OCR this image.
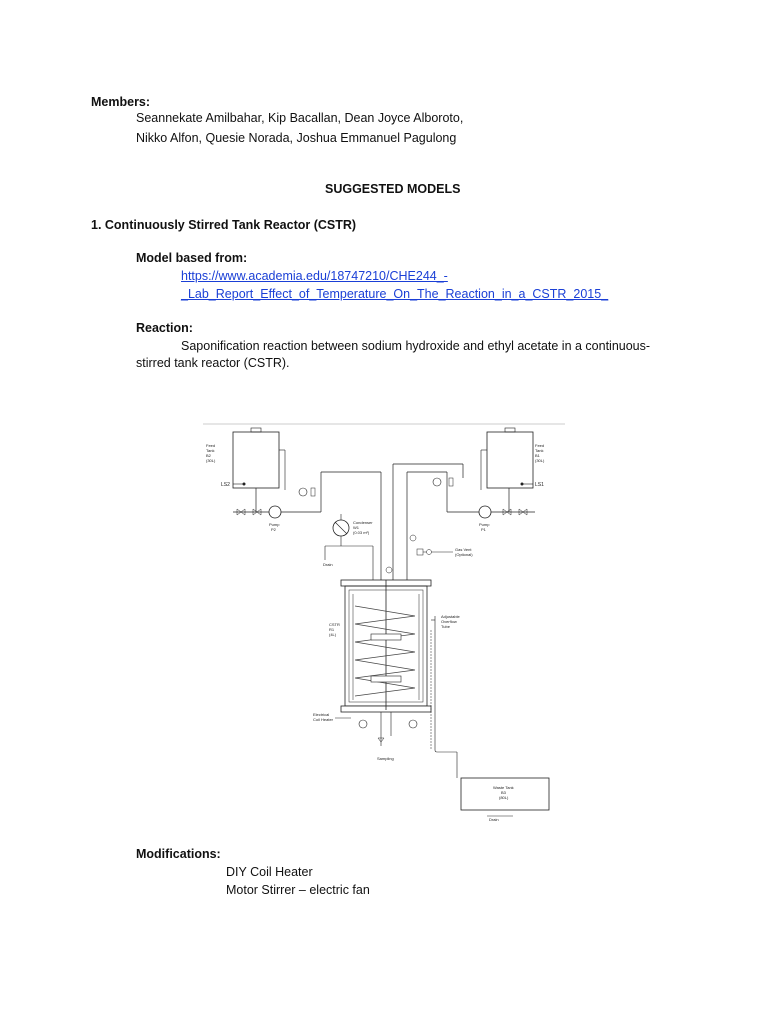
Members:
Seannekate Amilbahar, Kip Bacallan, Dean Joyce Alboroto,
Nikko Alfon, Quesie Norada, Joshua Emmanuel Pagulong
SUGGESTED MODELS
1. Continuously Stirred Tank Reactor (CSTR)
Model based from:
https://www.academia.edu/18747210/CHE244_-
_Lab_Report_Effect_of_Temperature_On_The_Reaction_in_a_CSTR_2015_
Reaction:
Saponification reaction between sodium hydroxide and ethyl acetate in a continuous-
stirred tank reactor (CSTR).
Feed
Tank
B2
(30L)
LS2
Feed
Tank
B1
(30L)
LS1
Pump
P2
Pump
P1
Condenser
W1
(0.03 m²)
Drain
Gas Vent
(Optional)
CSTR
R1
(4L)
Adjustable
Overflow
Tube
Electrical
Coil Heater
Sampling
Waste Tank
B3
(80L)
Drain
Modifications:
DIY Coil Heater
Motor Stirrer – electric fan
